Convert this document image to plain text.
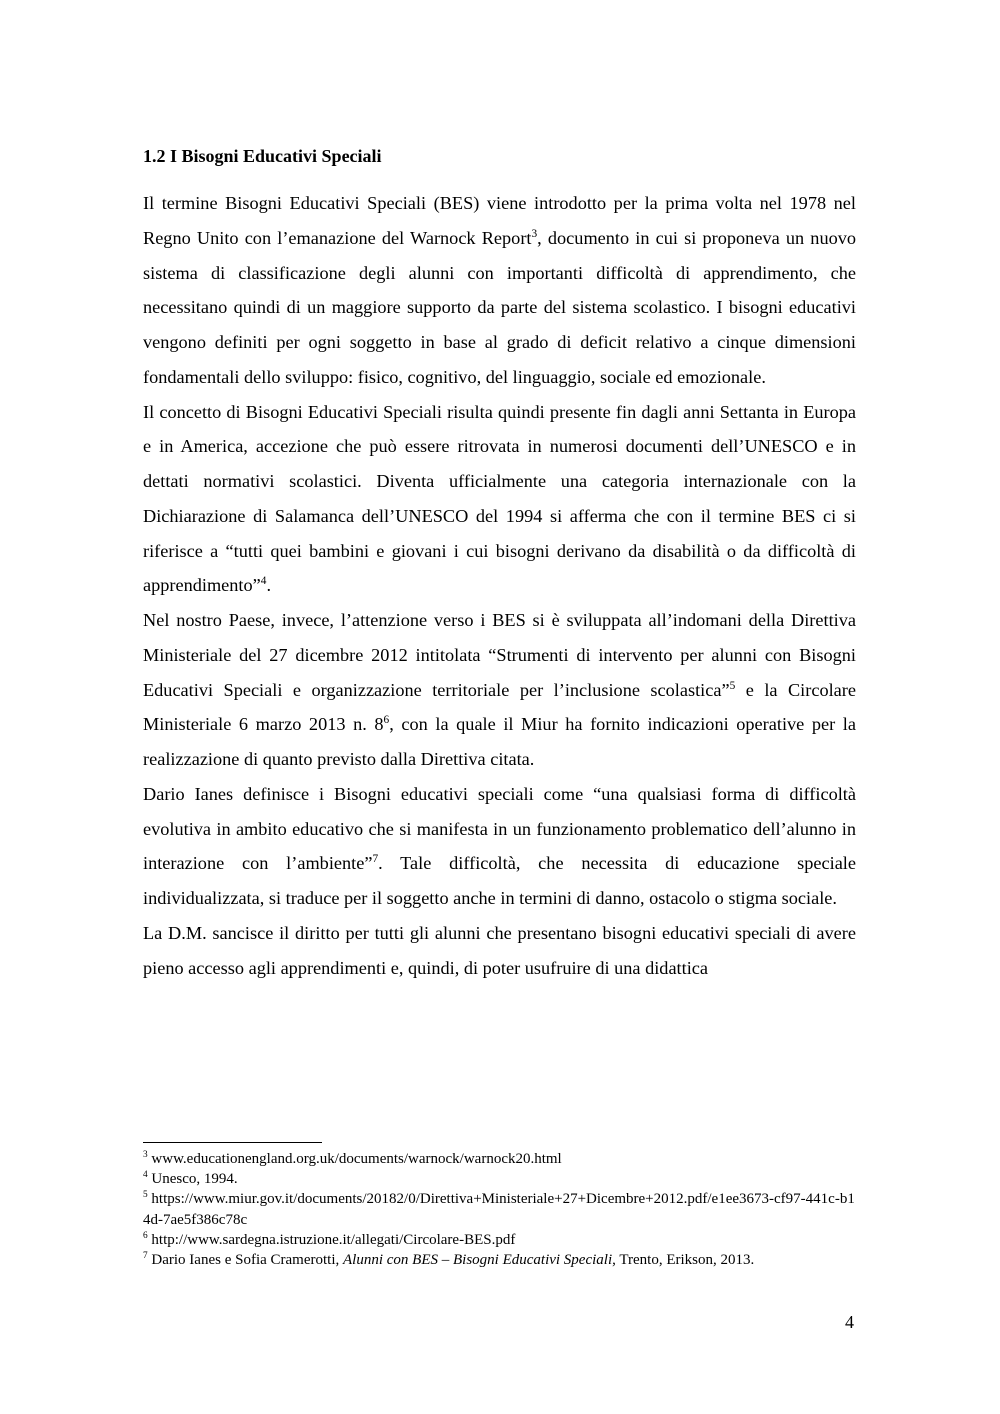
1.2 I Bisogni Educativi Speciali

Il termine Bisogni Educativi Speciali (BES) viene introdotto per la prima volta nel 1978 nel Regno Unito con l’emanazione del Warnock Report$^3$, documento in cui si proponeva un nuovo sistema di classificazione degli alunni con importanti difficoltà di apprendimento, che necessitano quindi di un maggiore supporto da parte del sistema scolastico. I bisogni educativi vengono definiti per ogni soggetto in base al grado di deficit relativo a cinque dimensioni fondamentali dello sviluppo: fisico, cognitivo, del linguaggio, sociale ed emozionale.

Il concetto di Bisogni Educativi Speciali risulta quindi presente fin dagli anni Settanta in Europa e in America, accezione che può essere ritrovata in numerosi documenti dell’UNESCO e in dettati normativi scolastici. Diventa ufficialmente una categoria internazionale con la Dichiarazione di Salamanca dell’UNESCO del 1994 si afferma che con il termine BES ci si riferisce a “tutti quei bambini e giovani i cui bisogni derivano da disabilità o da difficoltà di apprendimento”$^4$.

Nel nostro Paese, invece, l’attenzione verso i BES si è sviluppata all’indomani della Direttiva Ministeriale del 27 dicembre 2012 intitolata “Strumenti di intervento per alunni con Bisogni Educativi Speciali e organizzazione territoriale per l’inclusione scolastica”$^5$ e la Circolare Ministeriale 6 marzo 2013 n. $8^6$, con la quale il Miur ha fornito indicazioni operative per la realizzazione di quanto previsto dalla Direttiva citata.

Dario Ianes definisce i Bisogni educativi speciali come “una qualsiasi forma di difficoltà evolutiva in ambito educativo che si manifesta in un funzionamento problematico dell’alunno in interazione con l’ambiente”$^7$. Tale difficoltà, che necessita di educazione speciale individualizzata, si traduce per il soggetto anche in termini di danno, ostacolo o stigma sociale.

La D.M. sancisce il diritto per tutti gli alunni che presentano bisogni educativi speciali di avere pieno accesso agli apprendimenti e, quindi, di poter usufruire di una didattica

$^3$ www.educationengland.org.uk/documents/warnock/warnock20.html

$^4$ Unesco, 1994.

$^5$ https://www.miur.gov.it/documents/20182/0/Direttiva+Ministeriale+27+Dicembre+2012.pdf/e1ee3673-cf97-441c-b14d-7ae5f386c78c

$^6$ http://www.sardegna.istruzione.it/allegati/Circolare-BES.pdf

$^7$ Dario Ianes e Sofia Cramerotti, Alunni con BES – Bisogni Educativi Speciali, Trento, Erikson, 2013.

4
